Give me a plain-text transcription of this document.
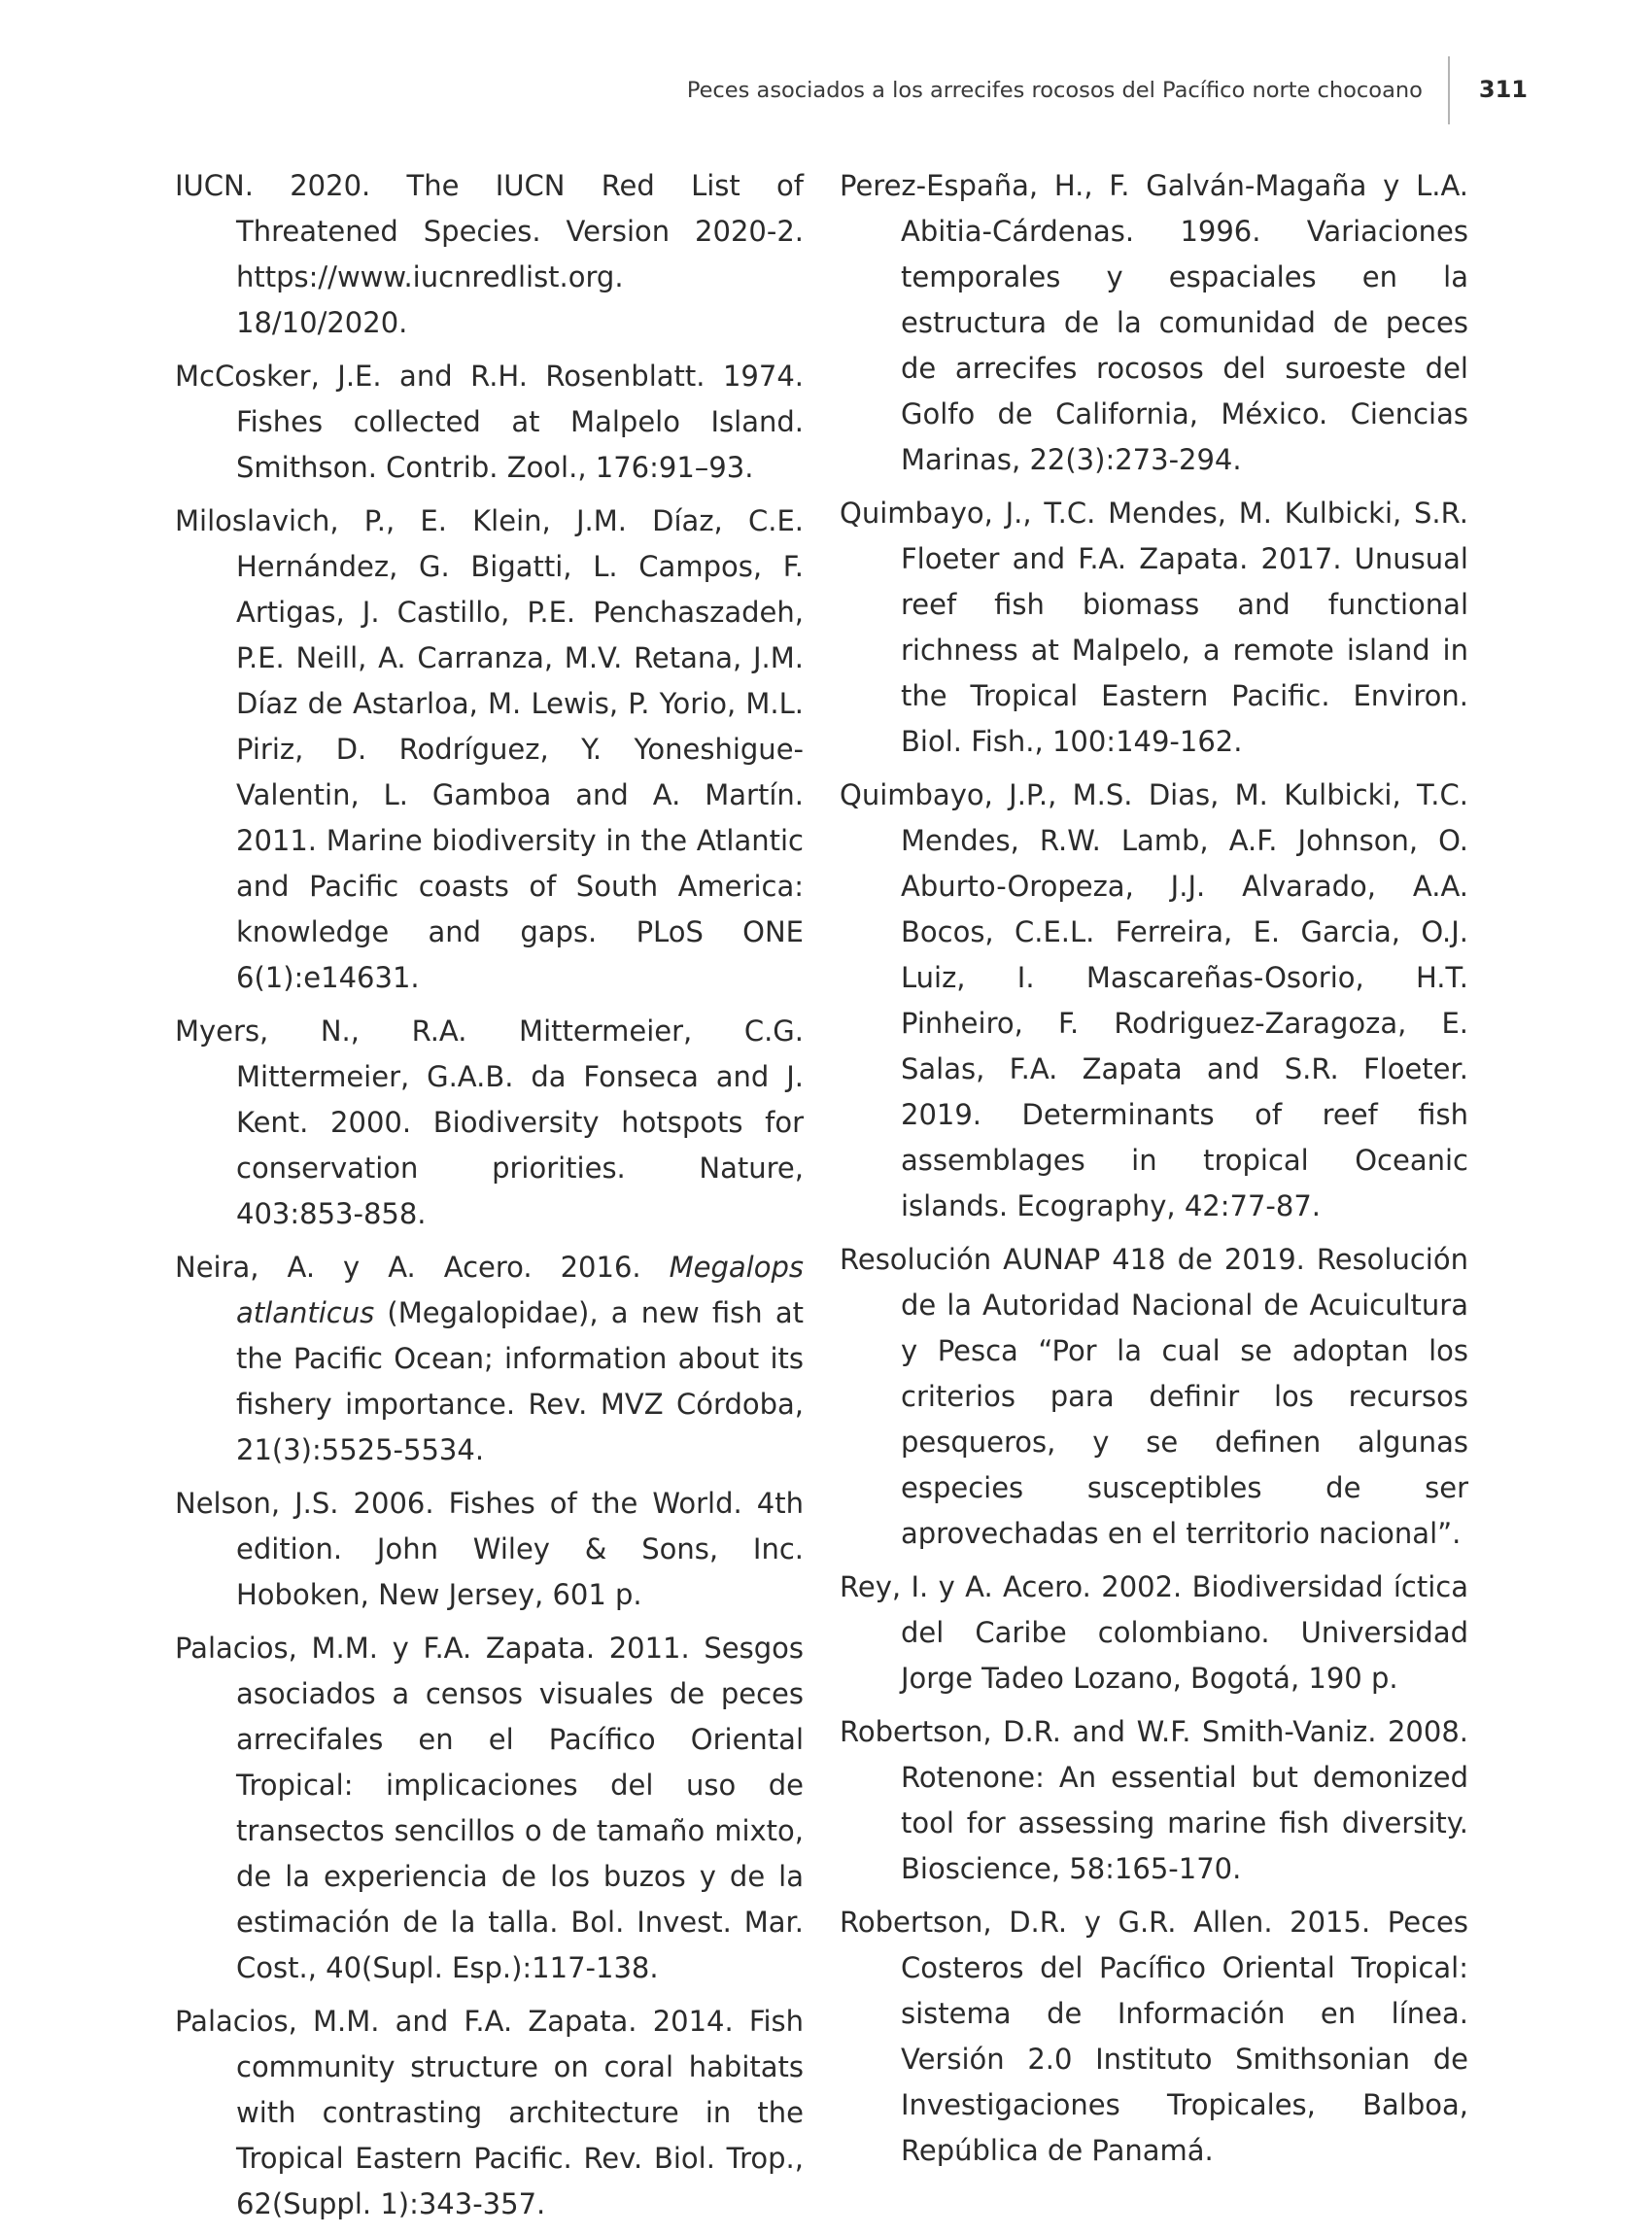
Peces asociados a los arrecifes rocosos del Pacífico norte chocoano	311

IUCN. 2020. The IUCN Red List of Threatened Species. Version 2020-2. https://www.iucnredlist.org. 18/10/2020.

McCosker, J.E. and R.H. Rosenblatt. 1974. Fishes collected at Malpelo Island. Smithson. Contrib. Zool., 176:91–93.

Miloslavich, P., E. Klein, J.M. Díaz, C.E. Hernández, G. Bigatti, L. Campos, F. Artigas, J. Castillo, P.E. Penchaszadeh, P.E. Neill, A. Carranza, M.V. Retana, J.M. Díaz de Astarloa, M. Lewis, P. Yorio, M.L. Piriz, D. Rodríguez, Y. Yoneshigue-Valentin, L. Gamboa and A. Martín. 2011. Marine biodiversity in the Atlantic and Pacific coasts of South America: knowledge and gaps. PLoS ONE 6(1):e14631.

Myers, N., R.A. Mittermeier, C.G. Mittermeier, G.A.B. da Fonseca and J. Kent. 2000. Biodiversity hotspots for conservation priorities. Nature, 403:853-858.

Neira, A. y A. Acero. 2016. Megalops atlanticus (Megalopidae), a new fish at the Pacific Ocean; information about its fishery importance. Rev. MVZ Córdoba, 21(3):5525-5534.

Nelson, J.S. 2006. Fishes of the World. 4th edition. John Wiley & Sons, Inc. Hoboken, New Jersey, 601 p.

Palacios, M.M. y F.A. Zapata. 2011. Sesgos asociados a censos visuales de peces arrecifales en el Pacífico Oriental Tropical: implicaciones del uso de transectos sencillos o de tamaño mixto, de la experiencia de los buzos y de la estimación de la talla. Bol. Invest. Mar. Cost., 40(Supl. Esp.):117-138.

Palacios, M.M. and F.A. Zapata. 2014. Fish community structure on coral habitats with contrasting architecture in the Tropical Eastern Pacific. Rev. Biol. Trop., 62(Suppl. 1):343-357.

Perez-España, H., F. Galván-Magaña y L.A. Abitia-Cárdenas. 1996. Variaciones temporales y espaciales en la estructura de la comunidad de peces de arrecifes rocosos del suroeste del Golfo de California, México. Ciencias Marinas, 22(3):273-294.

Quimbayo, J., T.C. Mendes, M. Kulbicki, S.R. Floeter and F.A. Zapata. 2017. Unusual reef fish biomass and functional richness at Malpelo, a remote island in the Tropical Eastern Pacific. Environ. Biol. Fish., 100:149-162.

Quimbayo, J.P., M.S. Dias, M. Kulbicki, T.C. Mendes, R.W. Lamb, A.F. Johnson, O. Aburto-Oropeza, J.J. Alvarado, A.A. Bocos, C.E.L. Ferreira, E. Garcia, O.J. Luiz, I. Mascareñas-Osorio, H.T. Pinheiro, F. Rodriguez-Zaragoza, E. Salas, F.A. Zapata and S.R. Floeter. 2019. Determinants of reef fish assemblages in tropical Oceanic islands. Ecography, 42:77-87.

Resolución AUNAP 418 de 2019. Resolución de la Autoridad Nacional de Acuicultura y Pesca “Por la cual se adoptan los criterios para definir los recursos pesqueros, y se definen algunas especies susceptibles de ser aprovechadas en el territorio nacional”.

Rey, I. y A. Acero. 2002. Biodiversidad íctica del Caribe colombiano. Universidad Jorge Tadeo Lozano, Bogotá, 190 p.

Robertson, D.R. and W.F. Smith-Vaniz. 2008. Rotenone: An essential but demonized tool for assessing marine fish diversity. Bioscience, 58:165-170.

Robertson, D.R. y G.R. Allen. 2015. Peces Costeros del Pacífico Oriental Tropical: sistema de Información en línea. Versión 2.0 Instituto Smithsonian de Investigaciones Tropicales, Balboa, República de Panamá.
